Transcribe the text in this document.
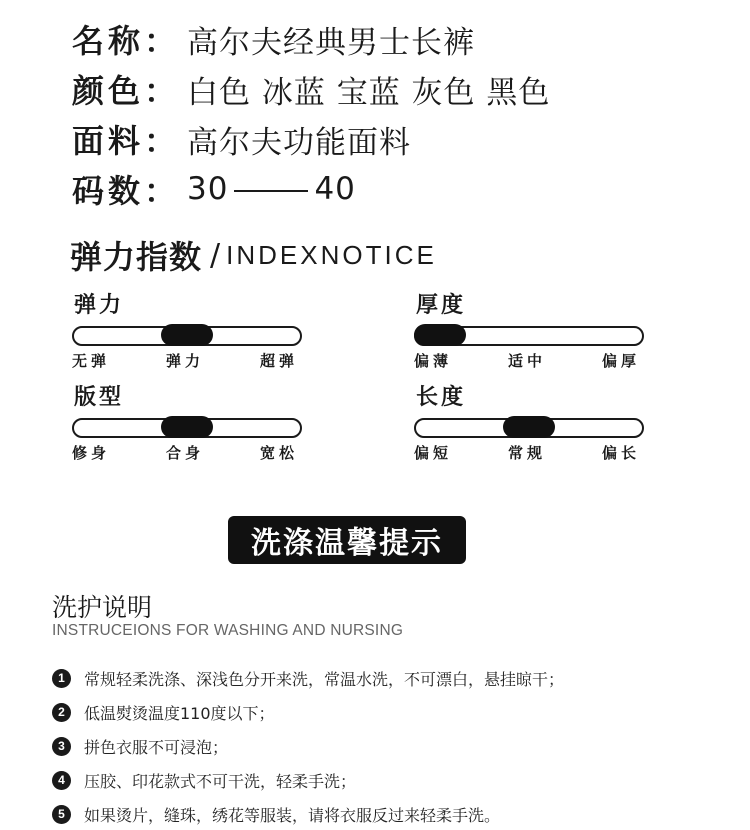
名称： 高尔夫经典男士长裤
颜色： 白色 冰蓝 宝蓝 灰色 黑色
面料： 高尔夫功能面料
码数： 30	40
弹力指数 / INDEXNOTICE
弹力
无弹	弹力	超弹
厚度
偏薄	适中	偏厚
版型
修身	合身	宽松
长度
偏短	常规	偏长
洗涤温馨提示
洗护说明
INSTRUCEIONS FOR WASHING AND NURSING
1	常规轻柔洗涤、深浅色分开来洗，常温水洗，不可漂白，悬挂晾干；
2	低温熨烫温度110度以下；
3	拼色衣服不可浸泡；
4	压胶、印花款式不可干洗，轻柔手洗；
5	如果烫片，缝珠，绣花等服装，请将衣服反过来轻柔手洗。
